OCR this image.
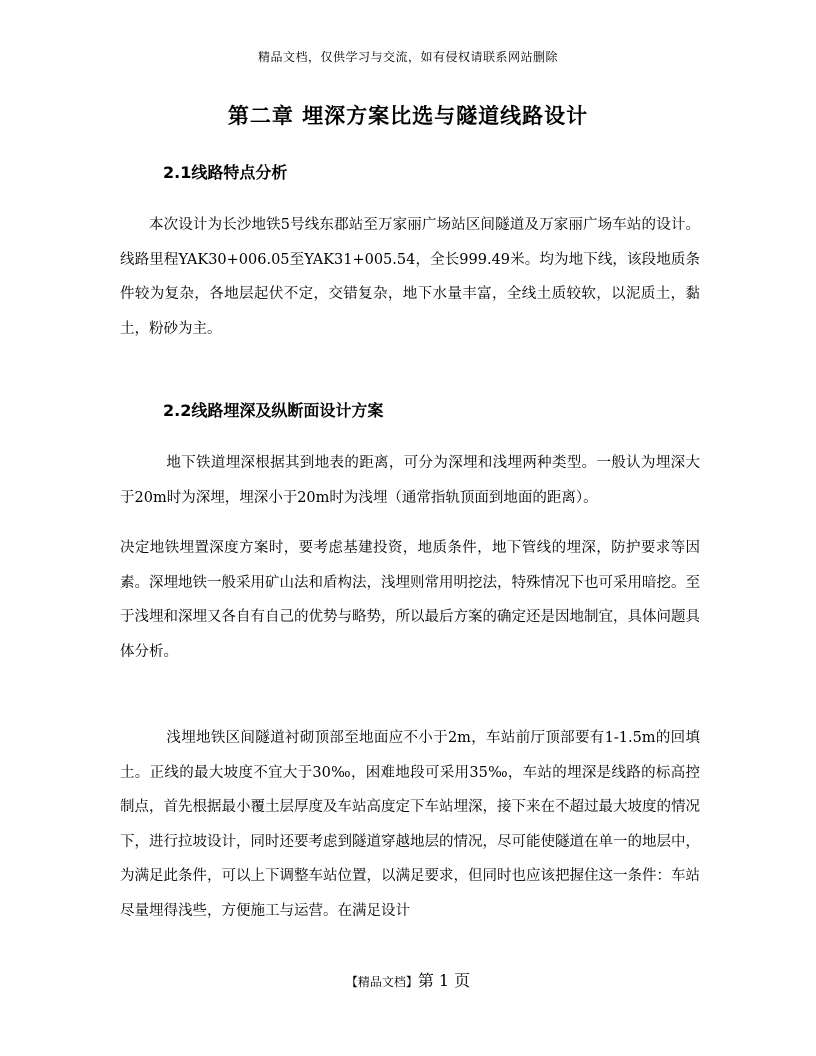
精品文档，仅供学习与交流，如有侵权请联系网站删除
第二章 埋深方案比选与隧道线路设计
2.1线路特点分析
本次设计为长沙地铁5号线东郡站至万家丽广场站区间隧道及万家丽广场车站的设计。线路里程YAK30+006.05至YAK31+005.54，全长999.49米。均为地下线，该段地质条件较为复杂，各地层起伏不定，交错复杂，地下水量丰富，全线土质较软，以泥质土，黏土，粉砂为主。
2.2线路埋深及纵断面设计方案
地下铁道埋深根据其到地表的距离，可分为深埋和浅埋两种类型。一般认为埋深大于20m时为深埋，埋深小于20m时为浅埋（通常指轨顶面到地面的距离）。
决定地铁埋置深度方案时，要考虑基建投资，地质条件，地下管线的埋深，防护要求等因素。深埋地铁一般采用矿山法和盾构法，浅埋则常用明挖法，特殊情况下也可采用暗挖。至于浅埋和深埋又各自有自己的优势与略势，所以最后方案的确定还是因地制宜，具体问题具体分析。
浅埋地铁区间隧道衬砌顶部至地面应不小于2m，车站前厅顶部要有1-1.5m的回填土。正线的最大坡度不宜大于30‰，困难地段可采用35‰，车站的埋深是线路的标高控制点，首先根据最小覆土层厚度及车站高度定下车站埋深，接下来在不超过最大坡度的情况下，进行拉坡设计，同时还要考虑到隧道穿越地层的情况，尽可能使隧道在单一的地层中，为满足此条件，可以上下调整车站位置，以满足要求，但同时也应该把握住这一条件：车站尽量埋得浅些，方便施工与运营。在满足设计
【精品文档】第 1 页
